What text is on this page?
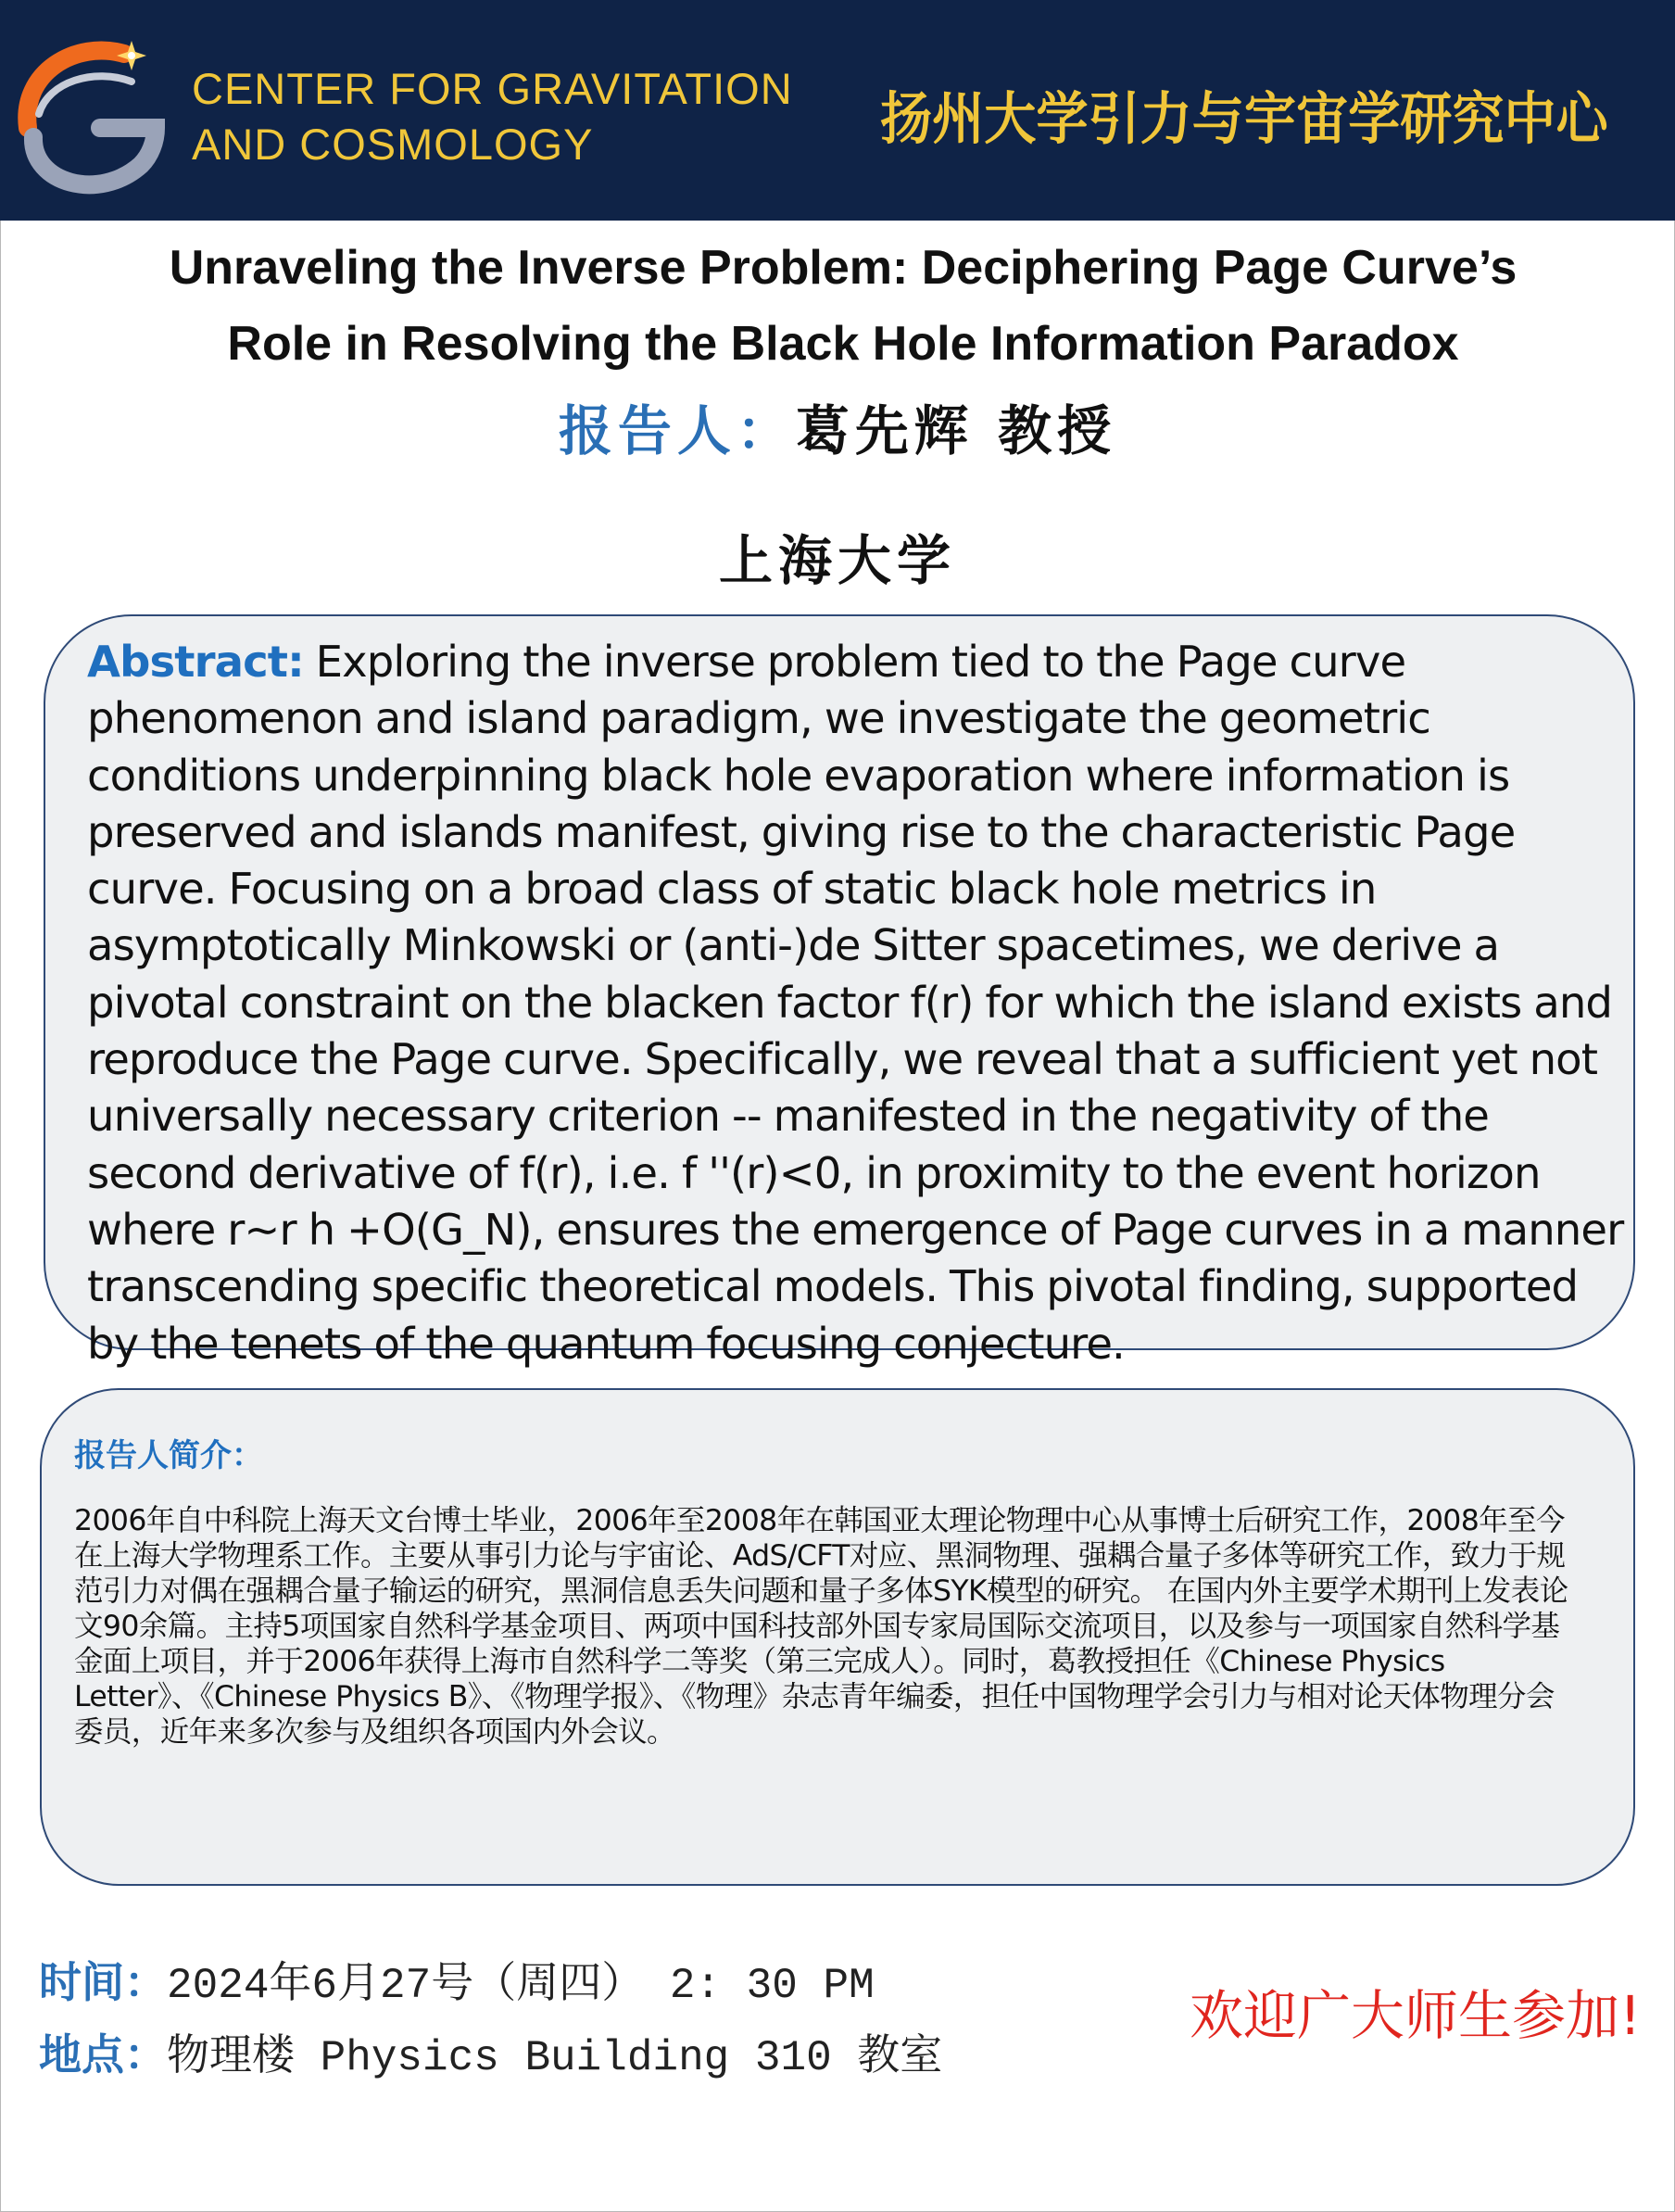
CENTER FOR GRAVITATION
AND COSMOLOGY	扬州大学引力与宇宙学研究中心
Unraveling the Inverse Problem: Deciphering Page Curve’s
Role in Resolving the Black Hole Information Paradox
报告人：葛先辉 教授
上海大学
Abstract: Exploring the inverse problem tied to the Page curve phenomenon and island paradigm, we investigate the geometric conditions underpinning black hole evaporation where information is preserved and islands manifest, giving rise to the characteristic Page curve. Focusing on a broad class of static black hole metrics in asymptotically Minkowski or (anti-)de Sitter spacetimes, we derive a pivotal constraint on the blacken factor f(r) for which the island exists and reproduce the Page curve. Specifically, we reveal that a sufficient yet not universally necessary criterion -- manifested in the negativity of the second derivative of f(r), i.e. f ''(r)<0, in proximity to the event horizon where r∼r h +O(G_N), ensures the emergence of Page curves in a manner transcending specific theoretical models. This pivotal finding, supported by the tenets of the quantum focusing conjecture.
报告人简介：
2006年自中科院上海天文台博士毕业，2006年至2008年在韩国亚太理论物理中心从事博士后研究工作，2008年至今在上海大学物理系工作。主要从事引力论与宇宙论、AdS/CFT对应、黑洞物理、强耦合量子多体等研究工作，致力于规范引力对偶在强耦合量子输运的研究，黑洞信息丢失问题和量子多体SYK模型的研究。 在国内外主要学术期刊上发表论文90余篇。主持5项国家自然科学基金项目、两项中国科技部外国专家局国际交流项目，以及参与一项国家自然科学基金面上项目，并于2006年获得上海市自然科学二等奖（第三完成人）。同时，葛教授担任《Chinese Physics Letter》、《Chinese Physics B》、《物理学报》、《物理》杂志青年编委，担任中国物理学会引力与相对论天体物理分会委员，近年来多次参与及组织各项国内外会议。
时间：2024年6月27号（周四） 2: 30 PM
地点：物理楼 Physics Building 310 教室
欢迎广大师生参加!
